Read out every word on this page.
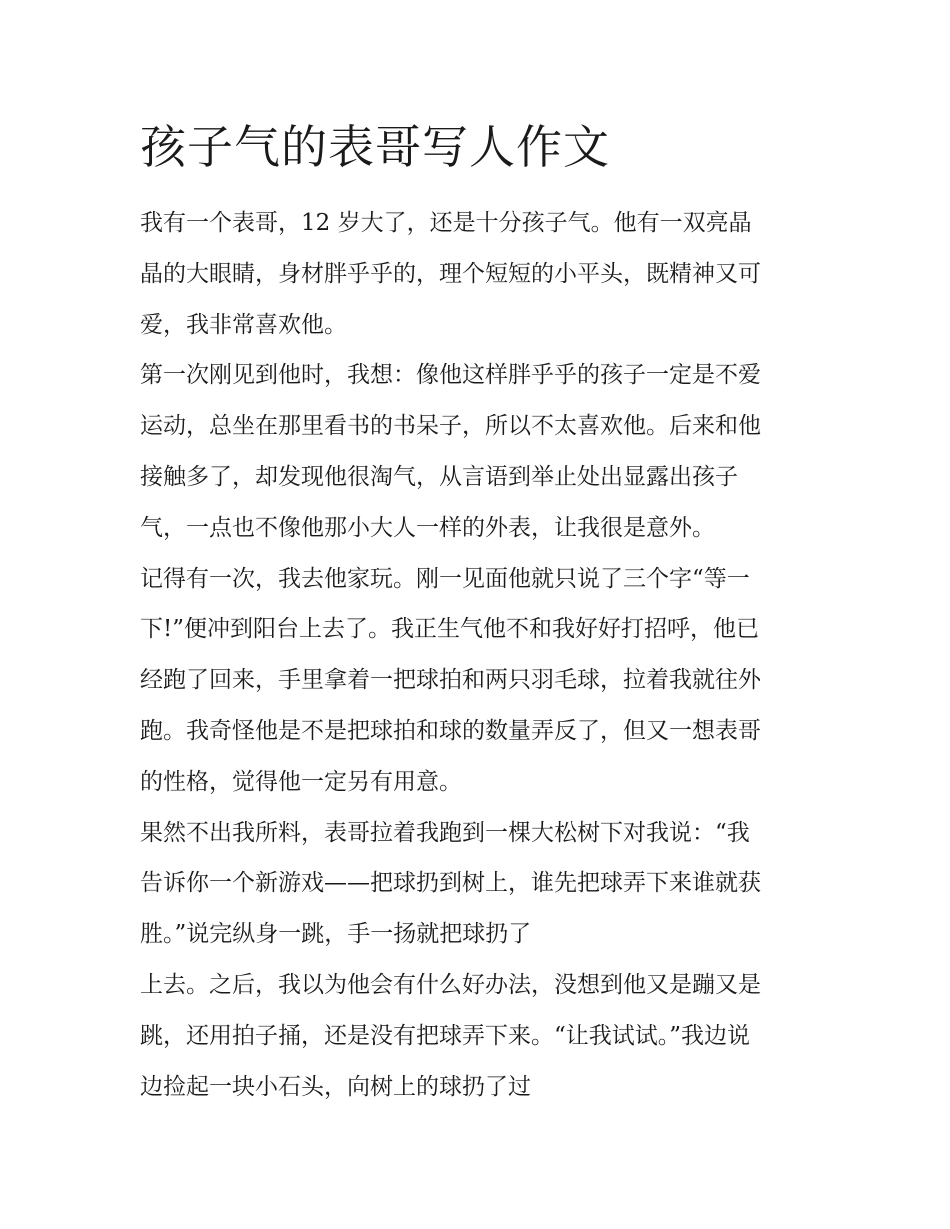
孩子气的表哥写人作文
我有一个表哥，12 岁大了，还是十分孩子气。他有一双亮晶
晶的大眼睛，身材胖乎乎的，理个短短的小平头，既精神又可
爱，我非常喜欢他。
第一次刚见到他时，我想：像他这样胖乎乎的孩子一定是不爱
运动，总坐在那里看书的书呆子，所以不太喜欢他。后来和他
接触多了，却发现他很淘气，从言语到举止处出显露出孩子
气，一点也不像他那小大人一样的外表，让我很是意外。
记得有一次，我去他家玩。刚一见面他就只说了三个字“等一
下!”便冲到阳台上去了。我正生气他不和我好好打招呼，他已
经跑了回来，手里拿着一把球拍和两只羽毛球，拉着我就往外
跑。我奇怪他是不是把球拍和球的数量弄反了，但又一想表哥
的性格，觉得他一定另有用意。
果然不出我所料，表哥拉着我跑到一棵大松树下对我说：“我
告诉你一个新游戏——把球扔到树上，谁先把球弄下来谁就获
胜。”说完纵身一跳，手一扬就把球扔了
上去。之后，我以为他会有什么好办法，没想到他又是蹦又是
跳，还用拍子捅，还是没有把球弄下来。“让我试试。”我边说
边捡起一块小石头，向树上的球扔了过
